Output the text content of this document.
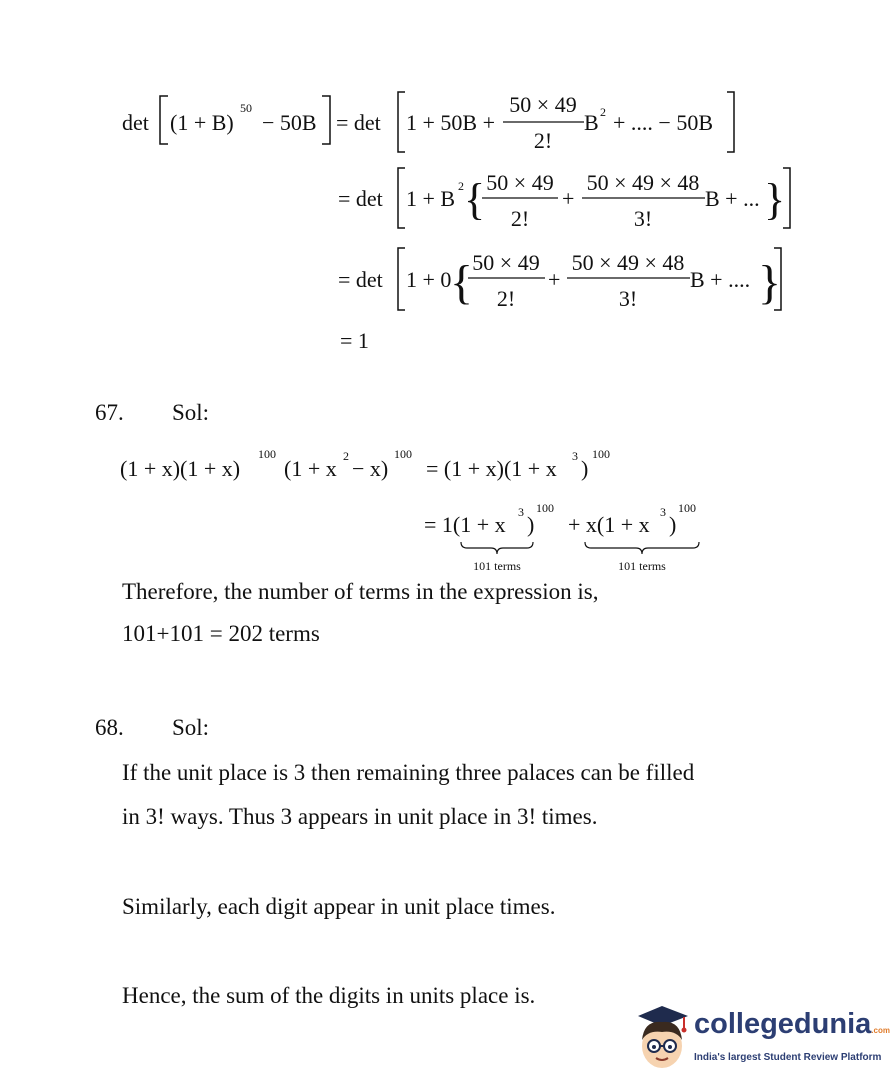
det (1 + B)
50
− 50B = det 1 + 50B +
50 × 49
2!
B 2 + .... − 50B
= det 1 + B 2 { 50 × 49
2!
+
50 × 49 × 48
3!
B + ... }
= det 1 + 0
{ 50 × 49
2!
+
50 × 49 × 48
3!
B + .... }
= 1
67. Sol:
(1 + x)(1 + x)
100
(1 + x 2 − x)
100
= (1 + x)(1 + x 3 )
100
= 1(1 + x 3 )
100
+ x(1 + x 3 )
100
101 terms	101 terms
Therefore, the number of terms in the expression is,
101+101 = 202 terms
68. Sol:
If the unit place is 3 then remaining three palaces can be filled
in 3! ways. Thus 3 appears in unit place in 3! times.
Similarly, each digit appear in unit place times.
Hence, the sum of the digits in units place is.
collegedunia.com
India's largest Student Review Platform
